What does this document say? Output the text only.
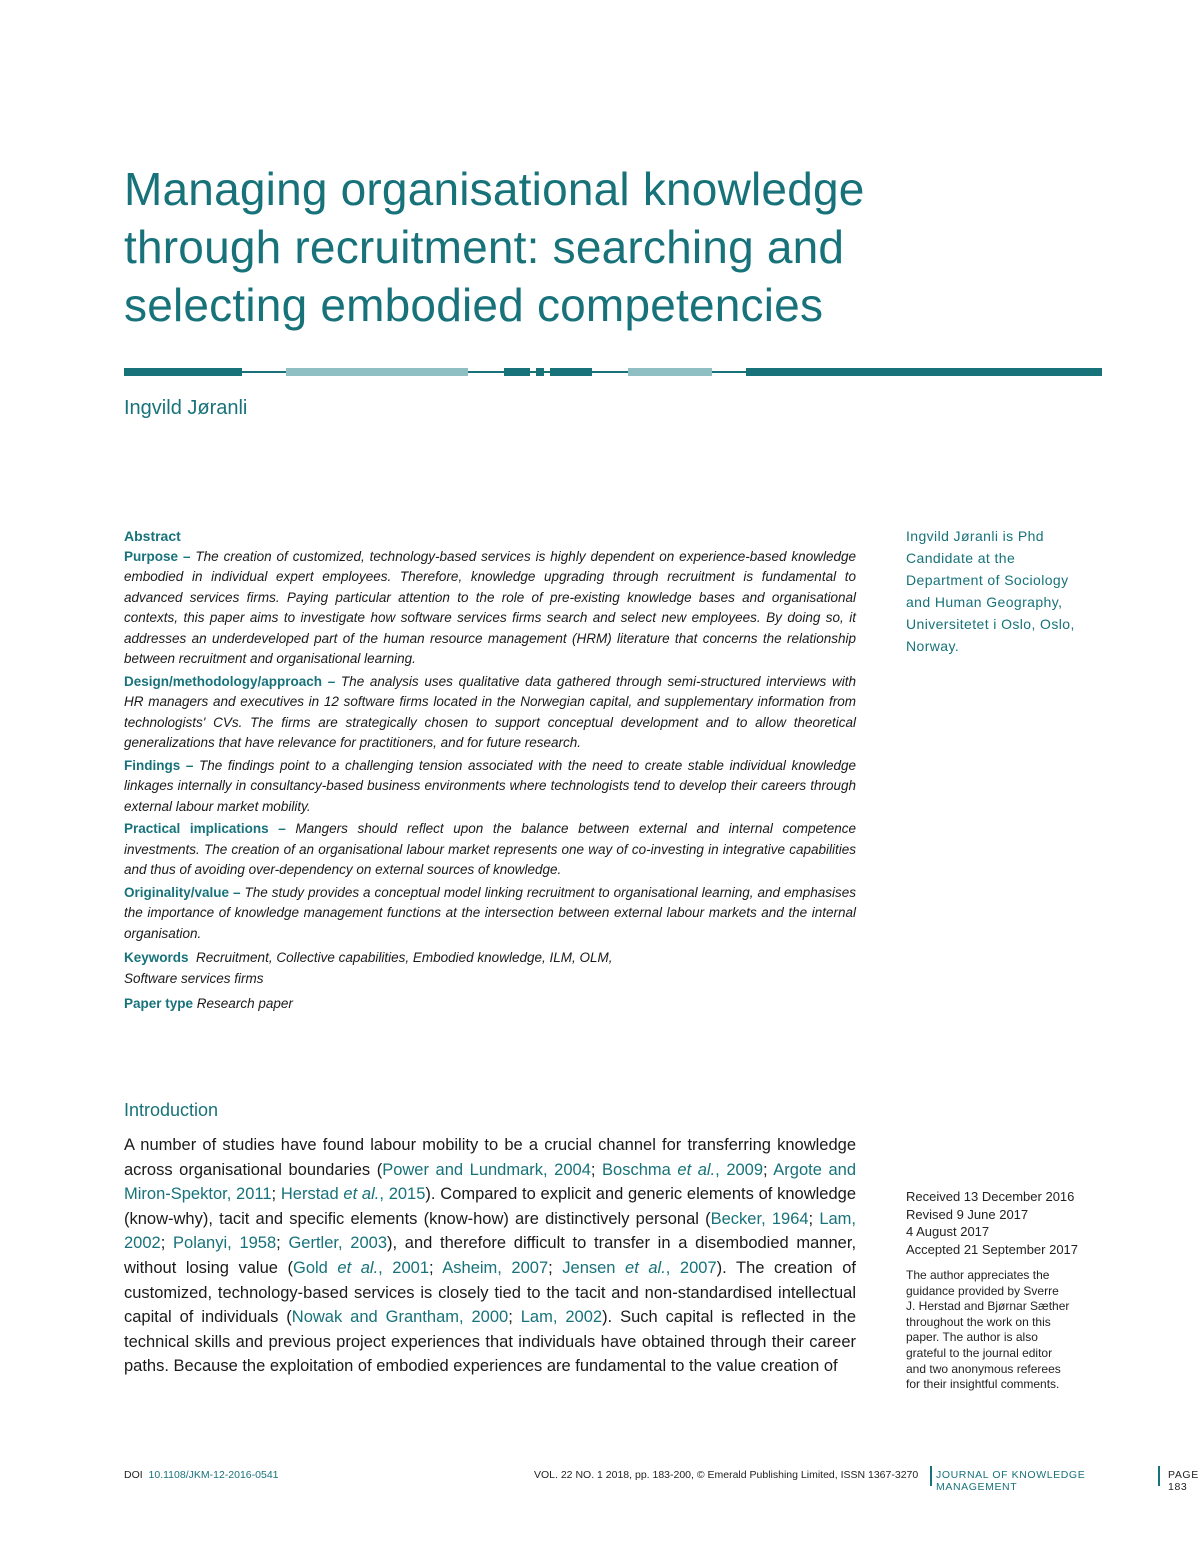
Managing organisational knowledge
through recruitment: searching and
selecting embodied competencies
Ingvild Jøranli
Ingvild Jøranli is Phd
Candidate at the
Department of Sociology
and Human Geography,
Universitetet i Oslo, Oslo,
Norway.
Abstract

Purpose – The creation of customized, technology-based services is highly dependent on experience-based knowledge embodied in individual expert employees. Therefore, knowledge upgrading through recruitment is fundamental to advanced services firms. Paying particular attention to the role of pre-existing knowledge bases and organisational contexts, this paper aims to investigate how software services firms search and select new employees. By doing so, it addresses an underdeveloped part of the human resource management (HRM) literature that concerns the relationship between recruitment and organisational learning.

Design/methodology/approach – The analysis uses qualitative data gathered through semi-structured interviews with HR managers and executives in 12 software firms located in the Norwegian capital, and supplementary information from technologists' CVs. The firms are strategically chosen to support conceptual development and to allow theoretical generalizations that have relevance for practitioners, and for future research.

Findings – The findings point to a challenging tension associated with the need to create stable individual knowledge linkages internally in consultancy-based business environments where technologists tend to develop their careers through external labour market mobility.

Practical implications – Mangers should reflect upon the balance between external and internal competence investments. The creation of an organisational labour market represents one way of co-investing in integrative capabilities and thus of avoiding over-dependency on external sources of knowledge.

Originality/value – The study provides a conceptual model linking recruitment to organisational learning, and emphasises the importance of knowledge management functions at the intersection between external labour markets and the internal organisation.

Keywords Recruitment, Collective capabilities, Embodied knowledge, ILM, OLM,
Software services firms

Paper type Research paper

Introduction

A number of studies have found labour mobility to be a crucial channel for transferring knowledge across organisational boundaries (Power and Lundmark, 2004; Boschma et al., 2009; Argote and Miron-Spektor, 2011; Herstad et al., 2015). Compared to explicit and generic elements of knowledge (know-why), tacit and specific elements (know-how) are distinctively personal (Becker, 1964; Lam, 2002; Polanyi, 1958; Gertler, 2003), and therefore difficult to transfer in a disembodied manner, without losing value (Gold et al., 2001; Asheim, 2007; Jensen et al., 2007). The creation of customized, technology-based services is closely tied to the tacit and non-standardised intellectual capital of individuals (Nowak and Grantham, 2000; Lam, 2002). Such capital is reflected in the technical skills and previous project experiences that individuals have obtained through their career paths. Because the exploitation of embodied experiences are fundamental to the value creation of

Received 13 December 2016
Revised 9 June 2017
4 August 2017
Accepted 21 September 2017
The author appreciates the
guidance provided by Sverre
J. Herstad and Bjørnar Sæther
throughout the work on this
paper. The author is also
grateful to the journal editor
and two anonymous referees
for their insightful comments.
DOI 10.1108/JKM-12-2016-0541	VOL. 22 NO. 1 2018, pp. 183-200, © Emerald Publishing Limited, ISSN 1367-3270 JOURNAL OF KNOWLEDGE MANAGEMENT
PAGE 183
